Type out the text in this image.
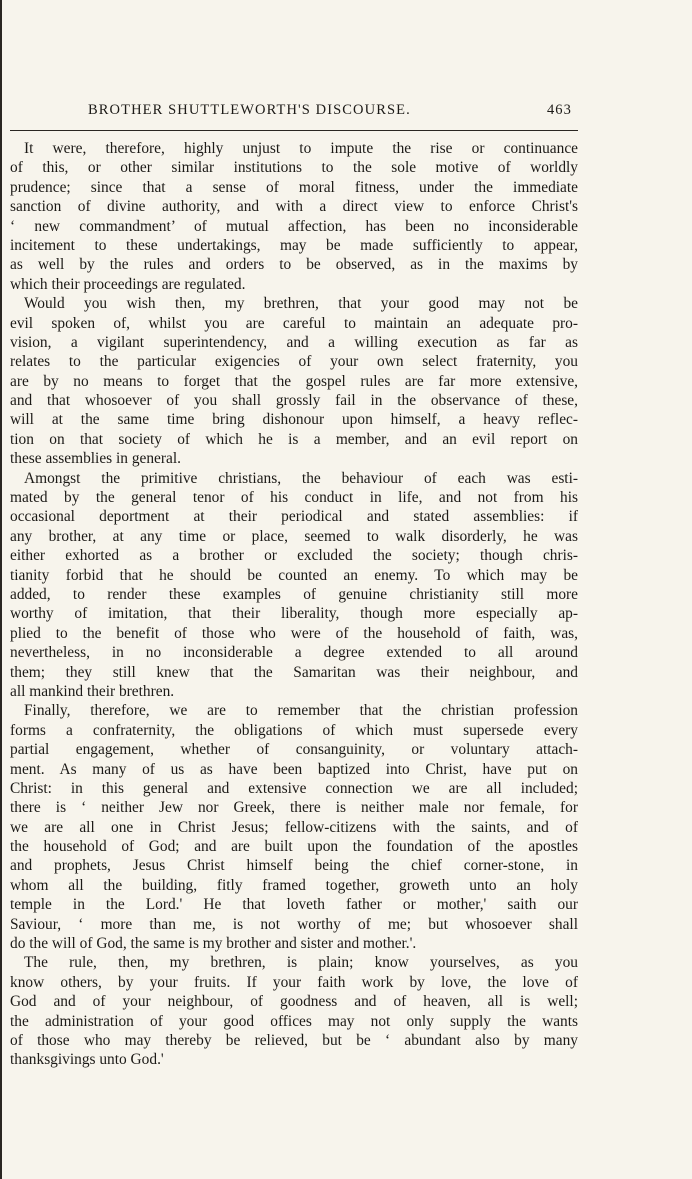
BROTHER SHUTTLEWORTH'S DISCOURSE.	463
It were, therefore, highly unjust to impute the rise or continuance
of this, or other similar institutions to the sole motive of worldly
prudence; since that a sense of moral fitness, under the immediate
sanction of divine authority, and with a direct view to enforce Christ's
‘ new commandment’ of mutual affection, has been no inconsiderable
incitement to these undertakings, may be made sufficiently to appear,
as well by the rules and orders to be observed, as in the maxims by
which their proceedings are regulated.
Would you wish then, my brethren, that your good may not be
evil spoken of, whilst you are careful to maintain an adequate pro-
vision, a vigilant superintendency, and a willing execution as far as
relates to the particular exigencies of your own select fraternity, you
are by no means to forget that the gospel rules are far more extensive,
and that whosoever of you shall grossly fail in the observance of these,
will at the same time bring dishonour upon himself, a heavy reflec-
tion on that society of which he is a member, and an evil report on
these assemblies in general.
Amongst the primitive christians, the behaviour of each was esti-
mated by the general tenor of his conduct in life, and not from his
occasional deportment at their periodical and stated assemblies: if
any brother, at any time or place, seemed to walk disorderly, he was
either exhorted as a brother or excluded the society; though chris-
tianity forbid that he should be counted an enemy. To which may be
added, to render these examples of genuine christianity still more
worthy of imitation, that their liberality, though more especially ap-
plied to the benefit of those who were of the household of faith, was,
nevertheless, in no inconsiderable a degree extended to all around
them; they still knew that the Samaritan was their neighbour, and
all mankind their brethren.
Finally, therefore, we are to remember that the christian profession
forms a confraternity, the obligations of which must supersede every
partial engagement, whether of consanguinity, or voluntary attach-
ment. As many of us as have been baptized into Christ, have put on
Christ: in this general and extensive connection we are all included;
there is ‘ neither Jew nor Greek, there is neither male nor female, for
we are all one in Christ Jesus; fellow-citizens with the saints, and of
the household of God; and are built upon the foundation of the apostles
and prophets, Jesus Christ himself being the chief corner-stone, in
whom all the building, fitly framed together, groweth unto an holy
temple in the Lord.' He that loveth father or mother,' saith our
Saviour, ‘ more than me, is not worthy of me; but whosoever shall
do the will of God, the same is my brother and sister and mother.'.
The rule, then, my brethren, is plain; know yourselves, as you
know others, by your fruits. If your faith work by love, the love of
God and of your neighbour, of goodness and of heaven, all is well;
the administration of your good offices may not only supply the wants
of those who may thereby be relieved, but be ‘ abundant also by many
thanksgivings unto God.'
